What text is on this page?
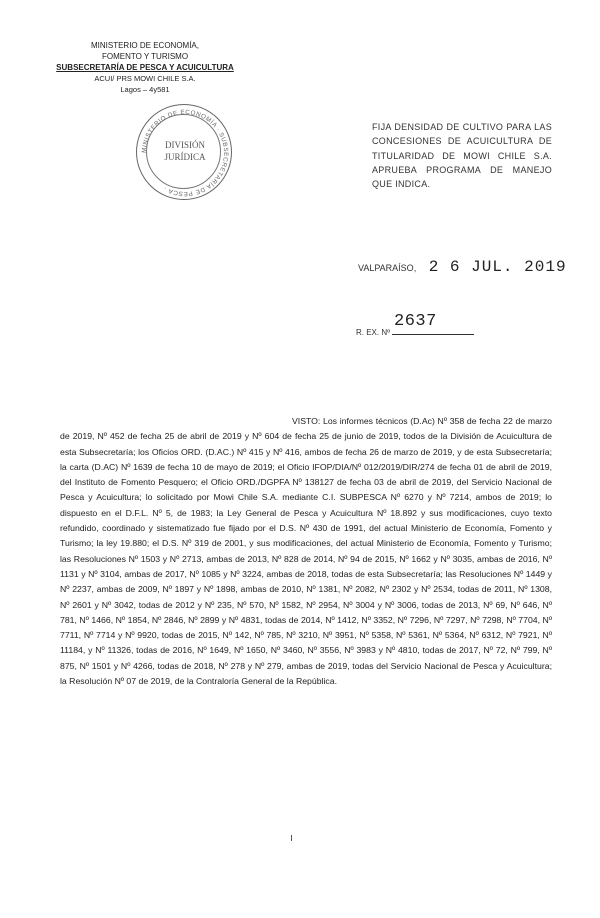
MINISTERIO DE ECONOMÍA,
FOMENTO Y TURISMO
SUBSECRETARÍA DE PESCA Y ACUICULTURA
ACUI/ PRS MOWI CHILE S.A.
Lagos – 4y581
MINISTERIO DE ECONOMÍA · SUBSECRETARÍA DE PESCA ·
DIVISIÓN
JURÍDICA
FIJA DENSIDAD DE CULTIVO PARA LAS CONCESIONES DE ACUICULTURA DE TITULARIDAD DE MOWI CHILE S.A. APRUEBA PROGRAMA DE MANEJO QUE INDICA.
VALPARAÍSO, 2 6 JUL. 2019
R. EX. Nº
2637
VISTO: Los informes técnicos (D.Ac) Nº 358 de fecha 22 de marzo de 2019, Nº 452 de fecha 25 de abril de 2019 y Nº 604 de fecha 25 de junio de 2019, todos de la División de Acuicultura de esta Subsecretaría; los Oficios ORD. (D.AC.) Nº 415 y Nº 416, ambos de fecha 26 de marzo de 2019, y de esta Subsecretaría; la carta (D.AC) Nº 1639 de fecha 10 de mayo de 2019; el Oficio IFOP/DIA/Nº 012/2019/DIR/274 de fecha 01 de abril de 2019, del Instituto de Fomento Pesquero; el Oficio ORD./DGPFA Nº 138127 de fecha 03 de abril de 2019, del Servicio Nacional de Pesca y Acuicultura; lo solicitado por Mowi Chile S.A. mediante C.I. SUBPESCA Nº 6270 y Nº 7214, ambos de 2019; lo dispuesto en el D.F.L. Nº 5, de 1983; la Ley General de Pesca y Acuicultura Nº 18.892 y sus modificaciones, cuyo texto refundido, coordinado y sistematizado fue fijado por el D.S. Nº 430 de 1991, del actual Ministerio de Economía, Fomento y Turismo; la ley 19.880; el D.S. Nº 319 de 2001, y sus modificaciones, del actual Ministerio de Economía, Fomento y Turismo; las Resoluciones Nº 1503 y Nº 2713, ambas de 2013, Nº 828 de 2014, Nº 94 de 2015, Nº 1662 y Nº 3035, ambas de 2016, Nº 1131 y Nº 3104, ambas de 2017, Nº 1085 y Nº 3224, ambas de 2018, todas de esta Subsecretaría; las Resoluciones Nº 1449 y Nº 2237, ambas de 2009, Nº 1897 y Nº 1898, ambas de 2010, Nº 1381, Nº 2082, Nº 2302 y Nº 2534, todas de 2011, Nº 1308, Nº 2601 y Nº 3042, todas de 2012 y Nº 235, Nº 570, Nº 1582, Nº 2954, Nº 3004 y Nº 3006, todas de 2013, Nº 69, Nº 646, Nº 781, Nº 1466, Nº 1854, Nº 2846, Nº 2899 y Nº 4831, todas de 2014, Nº 1412, Nº 3352, Nº 7296, Nº 7297, Nº 7298, Nº 7704, Nº 7711, Nº 7714 y Nº 9920, todas de 2015, Nº 142, Nº 785, Nº 3210, Nº 3951, Nº 5358, Nº 5361, Nº 5364, Nº 6312, Nº 7921, Nº 11184, y Nº 11326, todas de 2016, Nº 1649, Nº 1650, Nº 3460, Nº 3556, Nº 3983 y Nº 4810, todas de 2017, Nº 72, Nº 799, Nº 875, Nº 1501 y Nº 4266, todas de 2018, Nº 278 y Nº 279, ambas de 2019, todas del Servicio Nacional de Pesca y Acuicultura; la Resolución Nº 07 de 2019, de la Contraloría General de la República.
